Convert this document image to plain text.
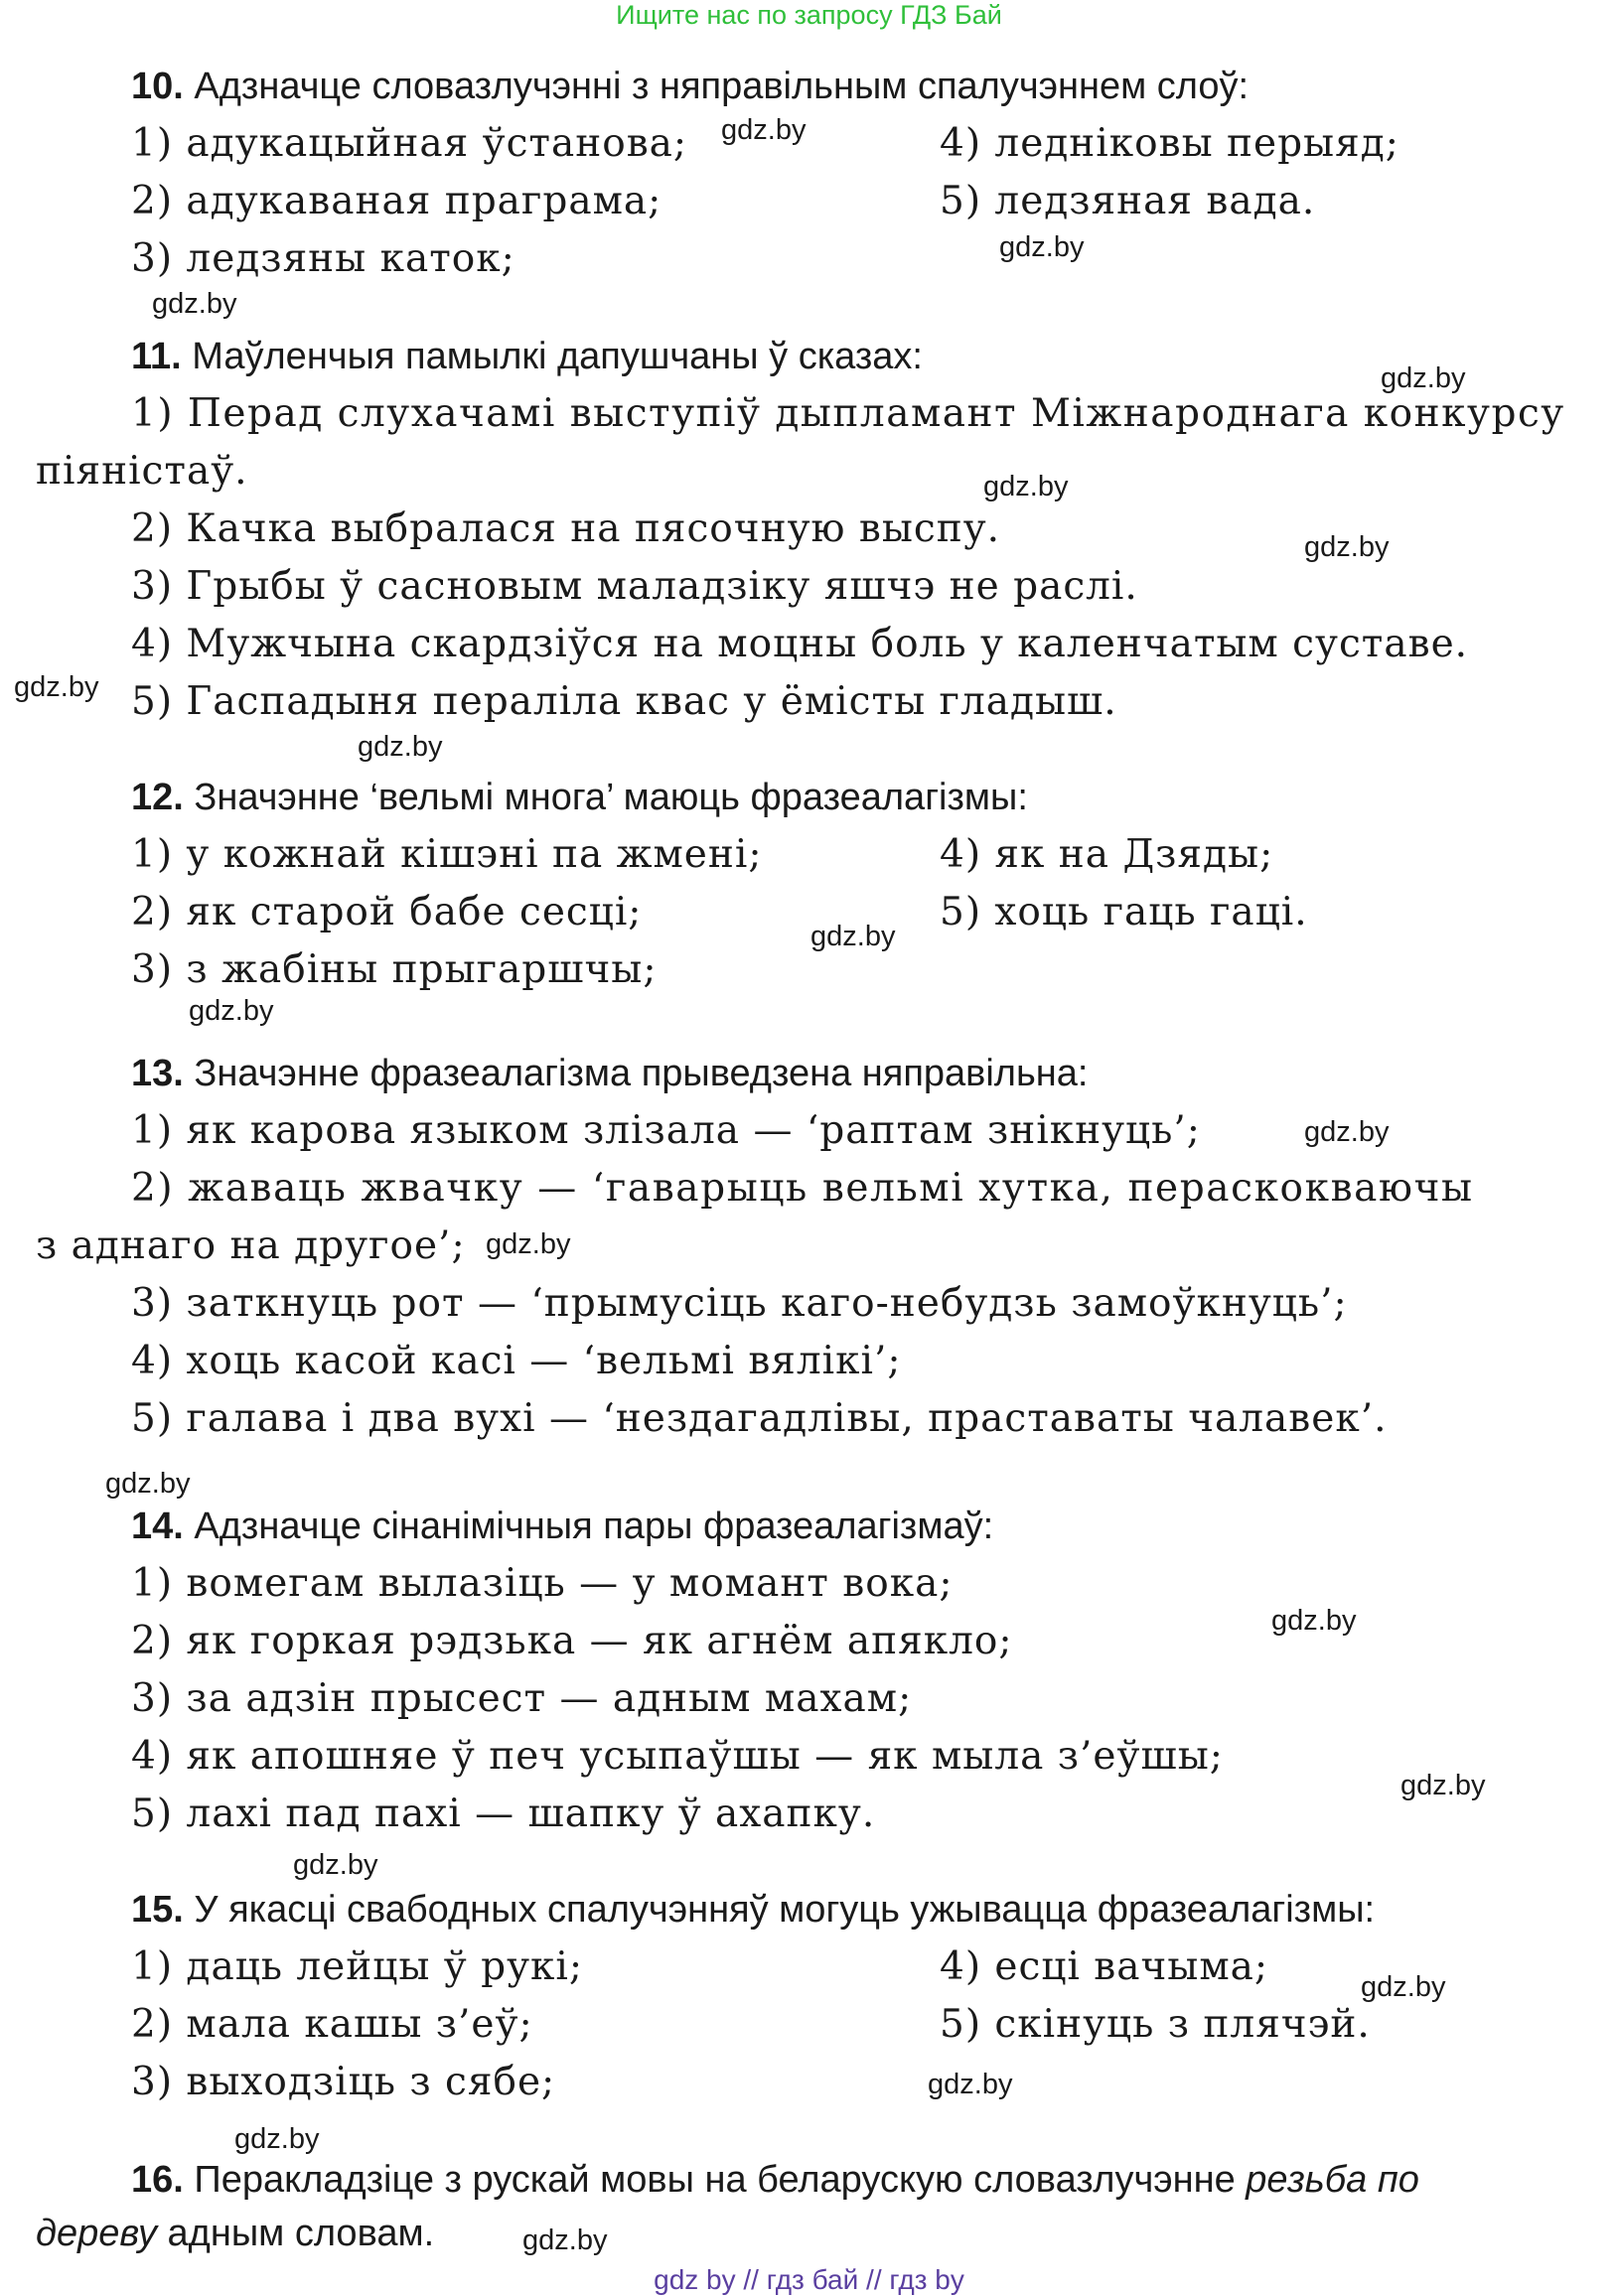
Ищите нас по запросу ГДЗ Бай
10. Адзначце словазлучэнні з няправільным спалучэннем слоў:
1) адукацыйная ўстанова;
2) адукаваная праграма;
3) ледзяны каток;
4) ледніковы перыяд;
5) ледзяная вада.
11. Маўленчыя памылкі дапушчаны ў сказах:
1) Перад слухачамі выступіў дыпламант Міжнароднага конкурсу
піяністаў.
2) Качка выбралася на пясочную выспу.
3) Грыбы ў сасновым маладзіку яшчэ не раслі.
4) Мужчына скардзіўся на моцны боль у каленчатым суставе.
5) Гаспадыня пераліла квас у ёмісты гладыш.
12. Значэнне ‘вельмі многа’ маюць фразеалагізмы:
1) у кожнай кішэні па жмені;
2) як старой бабе сесці;
3) з жабіны прыгаршчы;
4) як на Дзяды;
5) хоць гаць гаці.
13. Значэнне фразеалагізма прыведзена няправільна:
1) як карова языком злізала — ‘раптам знікнуць’;
2) жаваць жвачку — ‘гаварыць вельмі хутка, пераскокваючы
з аднаго на другое’;
3) заткнуць рот — ‘прымусіць каго-небудзь замоўкнуць’;
4) хоць касой касі — ‘вельмі вялікі’;
5) галава і два вухі — ‘нездагадлівы, праставаты чалавек’.
14. Адзначце сінанімічныя пары фразеалагізмаў:
1) вомегам вылазіць — у момант вока;
2) як горкая рэдзька — як агнём апякло;
3) за адзін прысест — адным махам;
4) як апошняе ў печ усыпаўшы — як мыла з’еўшы;
5) лахі пад пахі — шапку ў ахапку.
15. У якасці свабодных спалучэнняў могуць ужывацца фразеалагізмы:
1) даць лейцы ў рукі;
2) мала кашы з’еў;
3) выходзіць з сябе;
4) есці вачыма;
5) скінуць з плячэй.
16. Перакладзіце з рускай мовы на беларускую словазлучэнне резьба по
дереву адным словам.
gdz.by
gdz.by
gdz.by
gdz.by
gdz.by
gdz.by
gdz.by
gdz.by
gdz.by
gdz.by
gdz.by
gdz.by
gdz.by
gdz.by
gdz.by
gdz.by
gdz.by
gdz.by
gdz.by
gdz.by
gdz by // гдз бай // гдз by
